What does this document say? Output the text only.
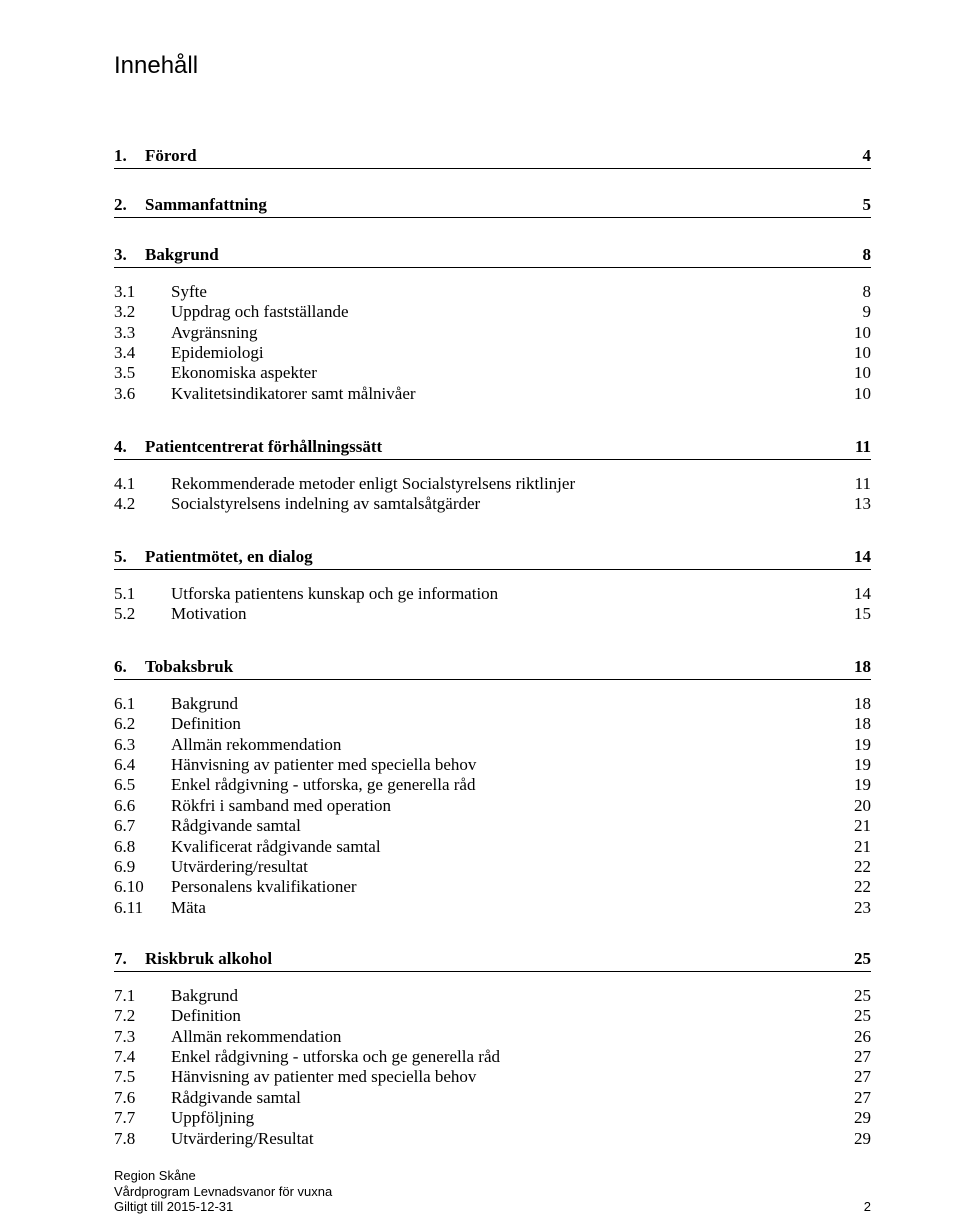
Innehåll
1. Förord	4
2. Sammanfattning	5
3. Bakgrund	8
3.1 Syfte	8
3.2 Uppdrag och fastställande	9
3.3 Avgränsning	10
3.4 Epidemiologi	10
3.5 Ekonomiska aspekter	10
3.6 Kvalitetsindikatorer samt målnivåer	10
4. Patientcentrerat förhållningssätt	11
4.1 Rekommenderade metoder enligt Socialstyrelsens riktlinjer	11
4.2 Socialstyrelsens indelning av samtalsåtgärder	13
5. Patientmötet, en dialog	14
5.1 Utforska patientens kunskap och ge information	14
5.2 Motivation	15
6. Tobaksbruk	18
6.1 Bakgrund	18
6.2 Definition	18
6.3 Allmän rekommendation	19
6.4 Hänvisning av patienter med speciella behov	19
6.5 Enkel rådgivning - utforska, ge generella råd	19
6.6 Rökfri i samband med operation	20
6.7 Rådgivande samtal	21
6.8 Kvalificerat rådgivande samtal	21
6.9 Utvärdering/resultat	22
6.10 Personalens kvalifikationer	22
6.11 Mäta	23
7. Riskbruk alkohol	25
7.1 Bakgrund	25
7.2 Definition	25
7.3 Allmän rekommendation	26
7.4 Enkel rådgivning - utforska och ge generella råd	27
7.5 Hänvisning av patienter med speciella behov	27
7.6 Rådgivande samtal	27
7.7 Uppföljning	29
7.8 Utvärdering/Resultat	29
Region Skåne
Vårdprogram Levnadsvanor för vuxna
Giltigt till 2015-12-31	2
